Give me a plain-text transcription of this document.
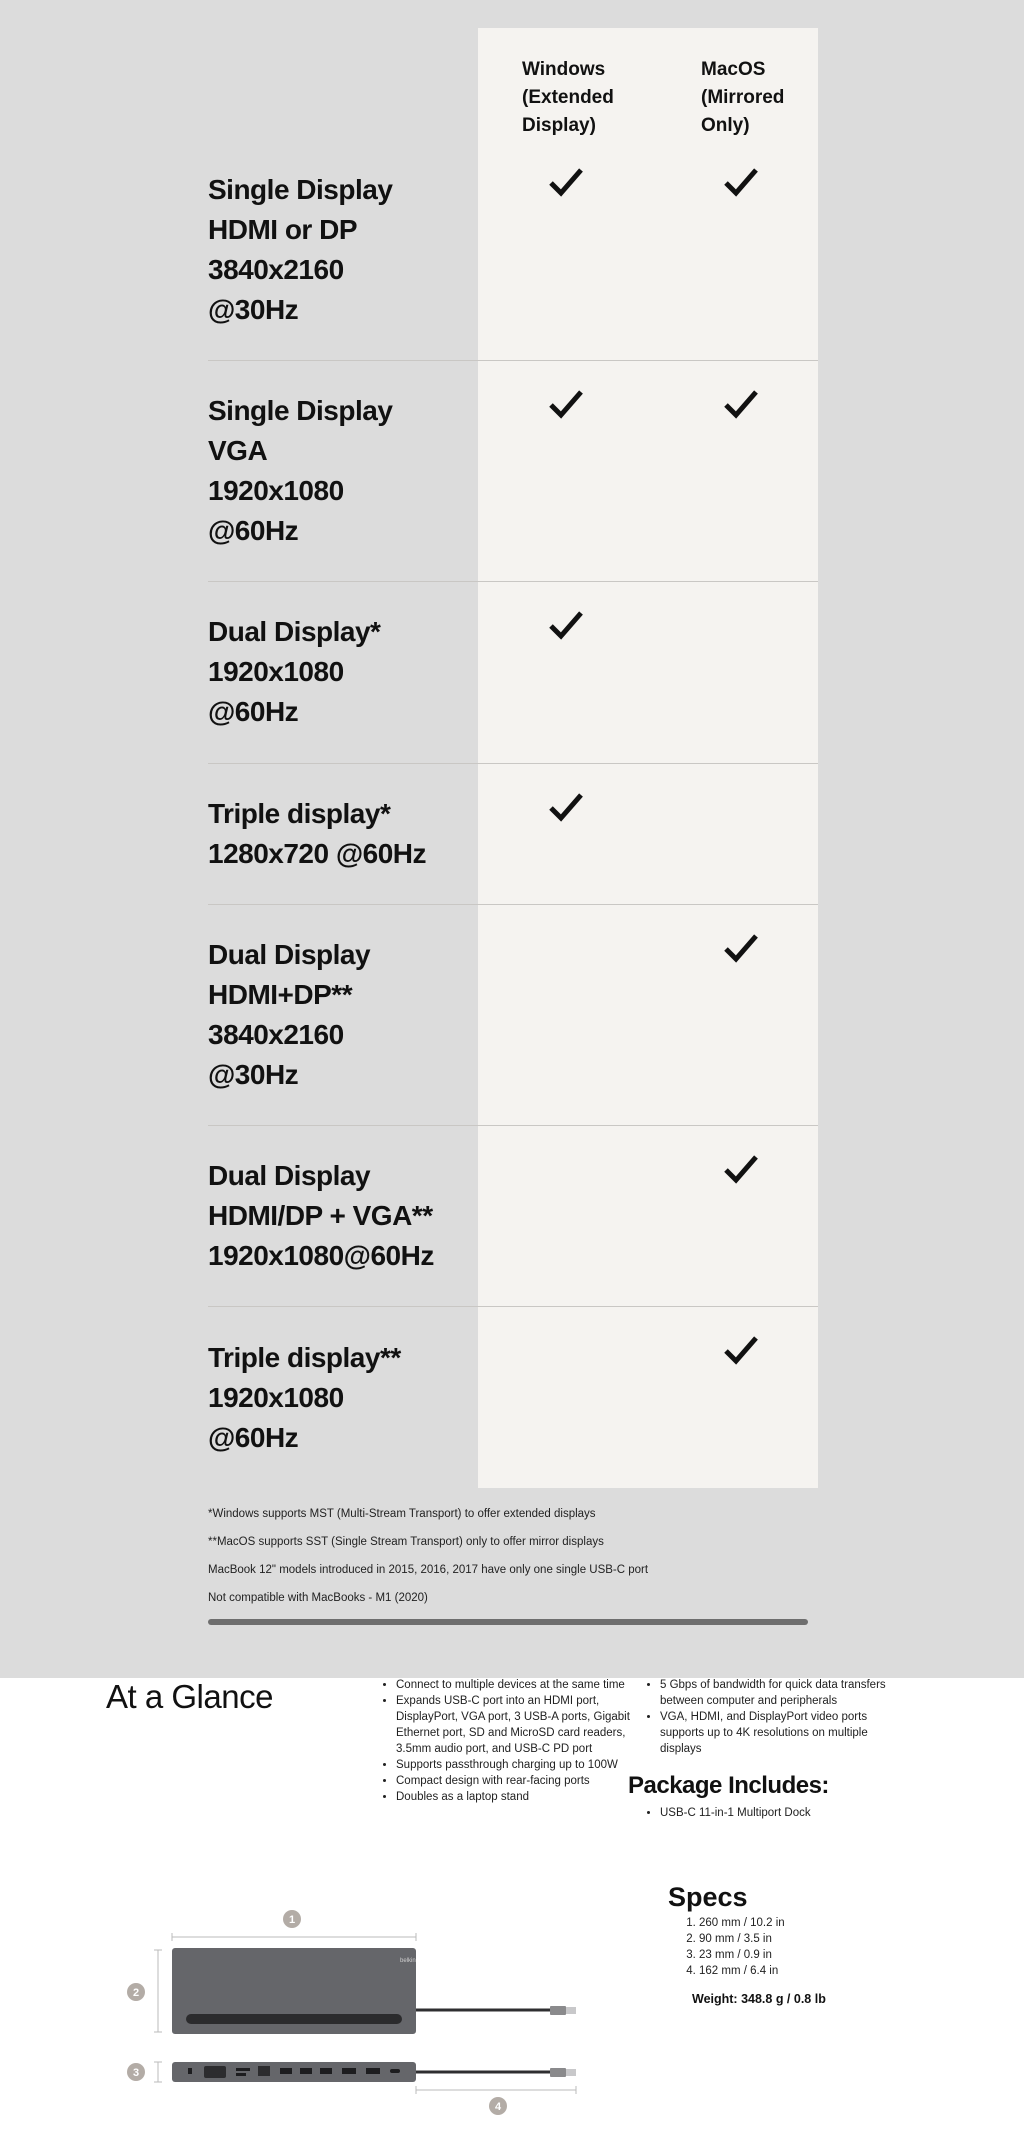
Windows
(Extended
Display)
MacOS
(Mirrored
Only)
Single Display
HDMI or DP
3840x2160
@30Hz
Single Display
VGA
1920x1080
@60Hz
Dual Display*
1920x1080
@60Hz
Triple display*
1280x720 @60Hz
Dual Display
HDMI+DP**
3840x2160
@30Hz
Dual Display
HDMI/DP + VGA**
1920x1080@60Hz
Triple display**
1920x1080
@60Hz
*Windows supports MST (Multi-Stream Transport) to offer extended displays
**MacOS supports SST (Single Stream Transport) only to offer mirror displays
MacBook 12" models introduced in 2015, 2016, 2017 have only one single USB-C port
Not compatible with MacBooks - M1 (2020)
At a Glance
•	Connect to multiple devices at the same time
• Expands USB-C port into an HDMI port, DisplayPort, VGA port, 3 USB-A ports, Gigabit Ethernet port, SD and MicroSD card readers, 3.5mm audio port, and USB-C PD port
• Supports passthrough charging up to 100W
• Compact design with rear-facing ports
• Doubles as a laptop stand
• 5 Gbps of bandwidth for quick data transfers between computer and peripherals
• VGA, HDMI, and DisplayPort video ports supports up to 4K resolutions on multiple displays
Package Includes:
• USB-C 11-in-1 Multiport Dock
1
belkin
2
3
4
Specs
1. 260 mm / 10.2 in
2. 90 mm / 3.5 in
3. 23 mm / 0.9 in
4. 162 mm / 6.4 in
Weight: 348.8 g / 0.8 lb
